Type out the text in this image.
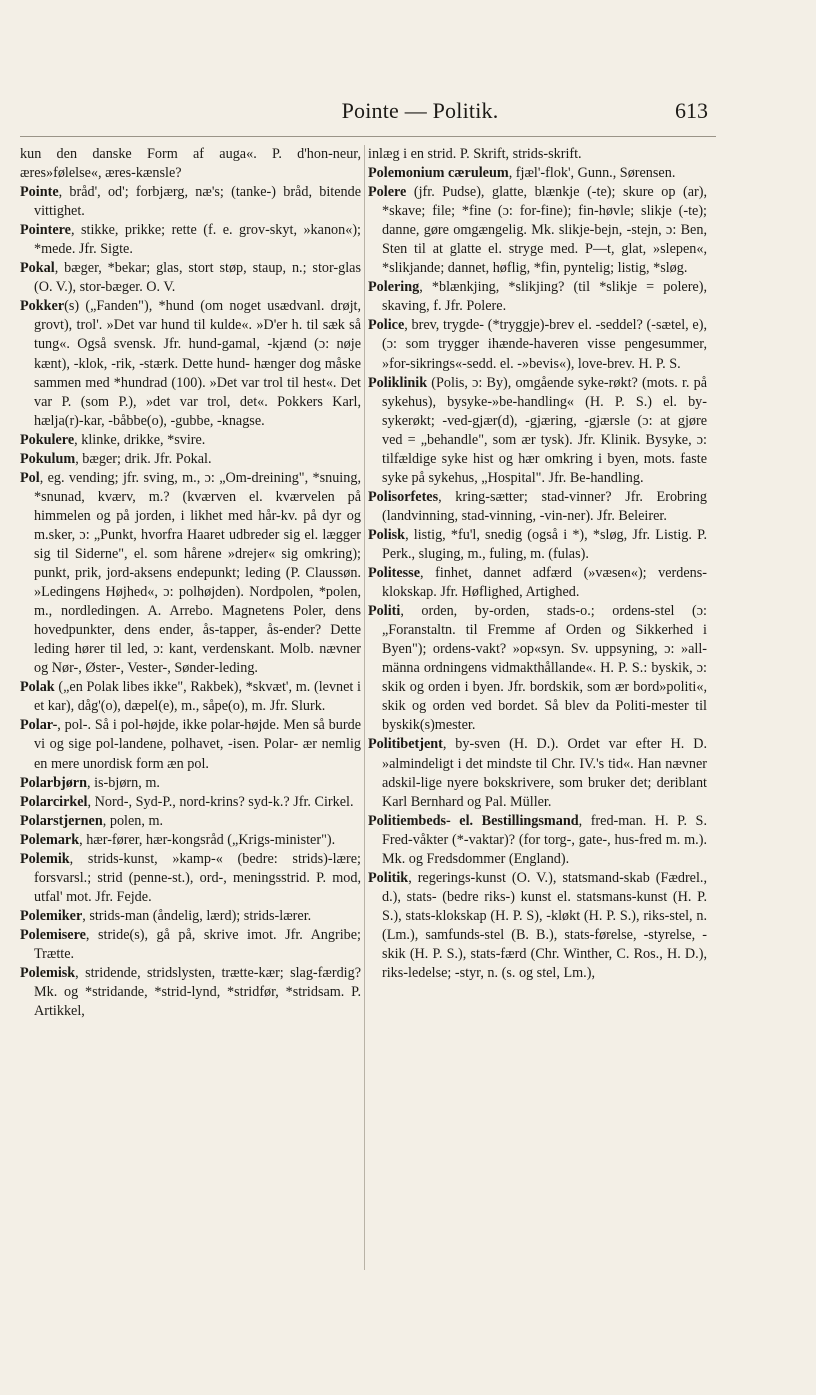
Pointe — Politik.	613

kun den danske Form af auga«. P. d'hon-neur, æres»følelse«, æres-kænsle?

Pointe, bråd', od'; forbjærg, næ's; (tanke-) bråd, bitende vittighet.

Pointere, stikke, prikke; rette (f. e. grov-skyt, »kanon«); *mede. Jfr. Sigte.

Pokal, bæger, *bekar; glas, stort støp, staup, n.; stor-glas (O. V.), stor-bæger. O. V.

Pokker(s) („Fanden"), *hund (om noget usædvanl. drøjt, grovt), trol'. »Det var hund til kulde«. »D'er h. til sæk så tung«. Også svensk. Jfr. hund-gamal, -kjænd (ɔ: nøje kænt), -klok, -rik, -stærk. Dette hund- hænger dog måske sammen med *hundrad (100). »Det var trol til hest«. Det var P. (som P.), »det var trol, det«. Pokkers Karl, hælja(r)-kar, -båbbe(o), -gubbe, -knagse.

Pokulere, klinke, drikke, *svire.

Pokulum, bæger; drik. Jfr. Pokal.

Pol, eg. vending; jfr. sving, m., ɔ: „Om-dreining", *snuing, *snunad, kværv, m.? (kværven el. kværvelen på himmelen og på jorden, i likhet med hår-kv. på dyr og m.sker, ɔ: „Punkt, hvorfra Haaret udbreder sig el. lægger sig til Siderne", el. som hårene »drejer« sig omkring); punkt, prik, jord-aksens endepunkt; leding (P. Claussøn. »Ledingens Højhed«, ɔ: polhøjden). Nordpolen, *polen, m., nordledingen. A. Arrebo. Magnetens Poler, dens hovedpunkter, dens ender, ås-tapper, ås-ender? Dette leding hører til led, ɔ: kant, verdenskant. Molb. nævner og Nør-, Øster-, Vester-, Sønder-leding.

Polak („en Polak libes ikke", Rakbek), *skvæt', m. (levnet i et kar), dåg'(o), dæpel(e), m., såpe(o), m. Jfr. Slurk.

Polar-, pol-. Så i pol-højde, ikke polar-højde. Men så burde vi og sige pol-landene, polhavet, -isen. Polar- ær nemlig en mere unordisk form æn pol.

Polarbjørn, is-bjørn, m.

Polarcirkel, Nord-, Syd-P., nord-krins? syd-k.? Jfr. Cirkel.

Polarstjernen, polen, m.

Polemark, hær-fører, hær-kongsråd („Krigs-minister").

Polemik, strids-kunst, »kamp-« (bedre: strids)-lære; forsvarsl.; strid (penne-st.), ord-, meningsstrid. P. mod, utfal' mot. Jfr. Fejde.

Polemiker, strids-man (åndelig, lærd); strids-lærer.

Polemisere, stride(s), gå på, skrive imot. Jfr. Angribe; Trætte.

Polemisk, stridende, stridslysten, trætte-kær; slag-færdig? Mk. og *stridande, *strid-lynd, *stridfør, *stridsam. P. Artikkel,

inlæg i en strid. P. Skrift, strids-skrift.

Polemonium cæruleum, fjæl'-flok', Gunn., Sørensen.

Polere (jfr. Pudse), glatte, blænkje (-te); skure op (ar), *skave; file; *fine (ɔ: for-fine); fin-høvle; slikje (-te); danne, gøre omgængelig. Mk. slikje-bejn, -stejn, ɔ: Ben, Sten til at glatte el. stryge med. P—t, glat, »slepen«, *slikjande; dannet, høflig, *fin, pyntelig; listig, *sløg.

Polering, *blænkjing, *slikjing? (til *slikje = polere), skaving, f. Jfr. Polere.

Police, brev, trygde- (*tryggje)-brev el. -seddel? (-sætel, e), (ɔ: som trygger ihænde-haveren visse pengesummer, »for-sikrings«-sedd. el. -»bevis«), love-brev. H. P. S.

Poliklinik (Polis, ɔ: By), omgående syke-røkt? (mots. r. på sykehus), bysyke-»be-handling« (H. P. S.) el. by-sykerøkt; -ved-gjær(d), -gjæring, -gjærsle (ɔ: at gjøre ved = „behandle", som ær tysk). Jfr. Klinik. Bysyke, ɔ: tilfældige syke hist og hær omkring i byen, mots. faste syke på sykehus, „Hospital". Jfr. Be-handling.

Polisorfetes, kring-sætter; stad-vinner? Jfr. Erobring (landvinning, stad-vinning, -vin-ner). Jfr. Beleirer.

Polisk, listig, *fu'l, snedig (også i *), *sløg, Jfr. Listig. P. Perk., sluging, m., fuling, m. (fulas).

Politesse, finhet, dannet adfærd (»væsen«); verdens-klokskap. Jfr. Høflighed, Artighed.

Politi, orden, by-orden, stads-o.; ordens-stel (ɔ: „Foranstaltn. til Fremme af Orden og Sikkerhed i Byen"); ordens-vakt? »op«syn. Sv. uppsyning, ɔ: »all-männa ordningens vidmakthållande«. H. P. S.: byskik, ɔ: skik og orden i byen. Jfr. bordskik, som ær bord»politi«, skik og orden ved bordet. Så blev da Politi-mester til byskik(s)mester.

Politibetjent, by-sven (H. D.). Ordet var efter H. D. »almindeligt i det mindste til Chr. IV.'s tid«. Han nævner adskil-lige nyere bokskrivere, som bruker det; deriblant Karl Bernhard og Pal. Müller.

Politiembeds- el. Bestillingsmand, fred-man. H. P. S. Fred-våkter (*-vaktar)? (for torg-, gate-, hus-fred m. m.). Mk. og Fredsdommer (England).

Politik, regerings-kunst (O. V.), statsmand-skab (Fædrel., d.), stats- (bedre riks-) kunst el. statsmans-kunst (H. P. S.), stats-klokskap (H. P. S), -kløkt (H. P. S.), riks-stel, n. (Lm.), samfunds-stel (B. B.), stats-førelse, -styrelse, -skik (H. P. S.), stats-færd (Chr. Winther, C. Ros., H. D.), riks-ledelse; -styr, n. (s. og stel, Lm.),
